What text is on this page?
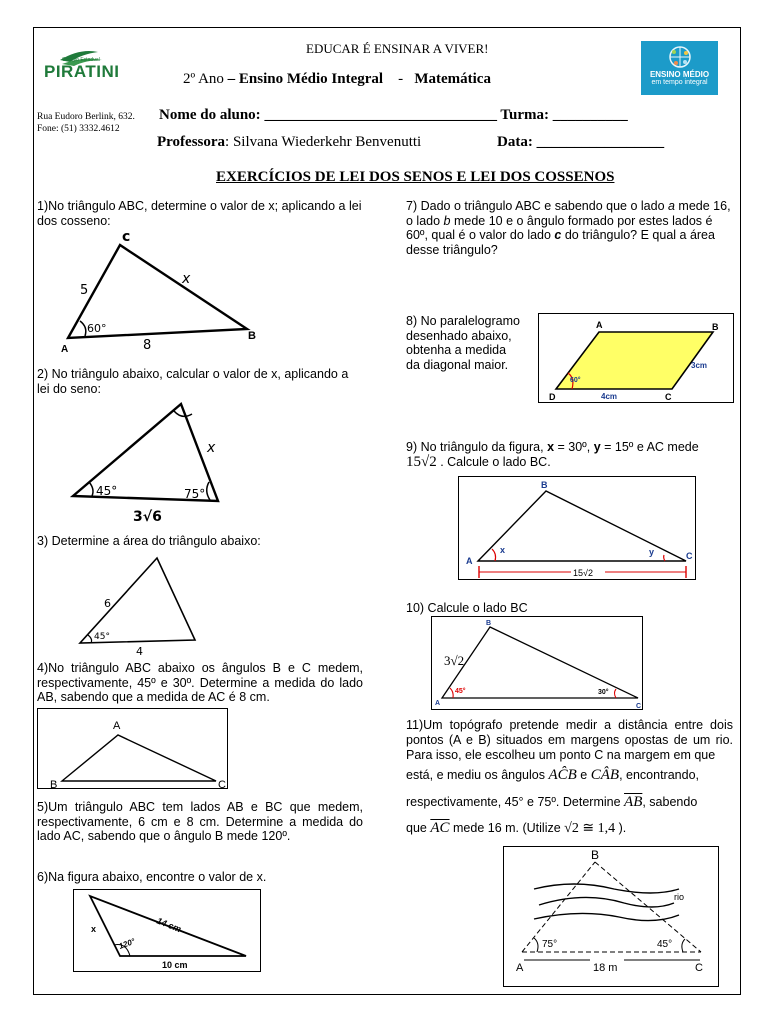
Colégio Estadual
PIRATINI	ENSINO MÉDIO
em tempo integral
EDUCAR É ENSINAR A VIVER!
2º Ano – Ensino Médio Integral - Matemática
Rua Eudoro Berlink, 632.
Fone: (51) 3332.4612
Nome do aluno: _______________________________ Turma: __________
Professora: Silvana Wiederkehr Benvenutti	Data: _________________
EXERCÍCIOS DE LEI DOS SENOS E LEI DOS COSSENOS
1)No triângulo ABC, determine o valor de x; aplicando a lei dos cosseno:
c
A
B
5
x
8
60°
2) No triângulo abaixo, calcular o valor de x, aplicando a lei do seno:
x
45°	75°
3√6
3) Determine a área do triângulo abaixo:
6
45°
4
4)No triângulo ABC abaixo os ângulos B e C medem, respectivamente, 45º e 30º. Determine a medida do lado AB, sabendo que a medida de AC é 8 cm.
A
B	C
5)Um triângulo ABC tem lados AB e BC que medem, respectivamente, 6 cm e 8 cm. Determine a medida do lado AC, sabendo que o ângulo B mede 120º.
6)Na figura abaixo, encontre o valor de x.
x	14 cm
120°
10 cm
7) Dado o triângulo ABC e sabendo que o lado a mede 16, o lado b mede 10 e o ângulo formado por estes lados é 60º, qual é o valor do lado c do triângulo? E qual a área desse triângulo?

8) No paralelogramo

desenhado abaixo,

obtenha a medida

da diagonal maior.

A	B
C
D
3cm
4cm
60°
9) No triângulo da figura, x = 30º, y = 15º e AC mede
15√2 . Calcule o lado BC.
15√2
B
A	C
x	y
10) Calcule o lado BC
B
A	C
3√2
45°	30°
11)Um topógrafo pretende medir a distância entre dois pontos (A e B) situados em margens opostas de um rio. Para isso, ele escolheu um ponto C na margem em que
está, e mediu os ângulos AĈB e CÂB, encontrando,
respectivamente, 45° e 75º. Determine $\overline{AB}$, sabendo
que $\overline{AC}$ mede 16 m. (Utilize √2 ≅ 1,4 ).
B
A	C
rio
75°	45°
18 m
